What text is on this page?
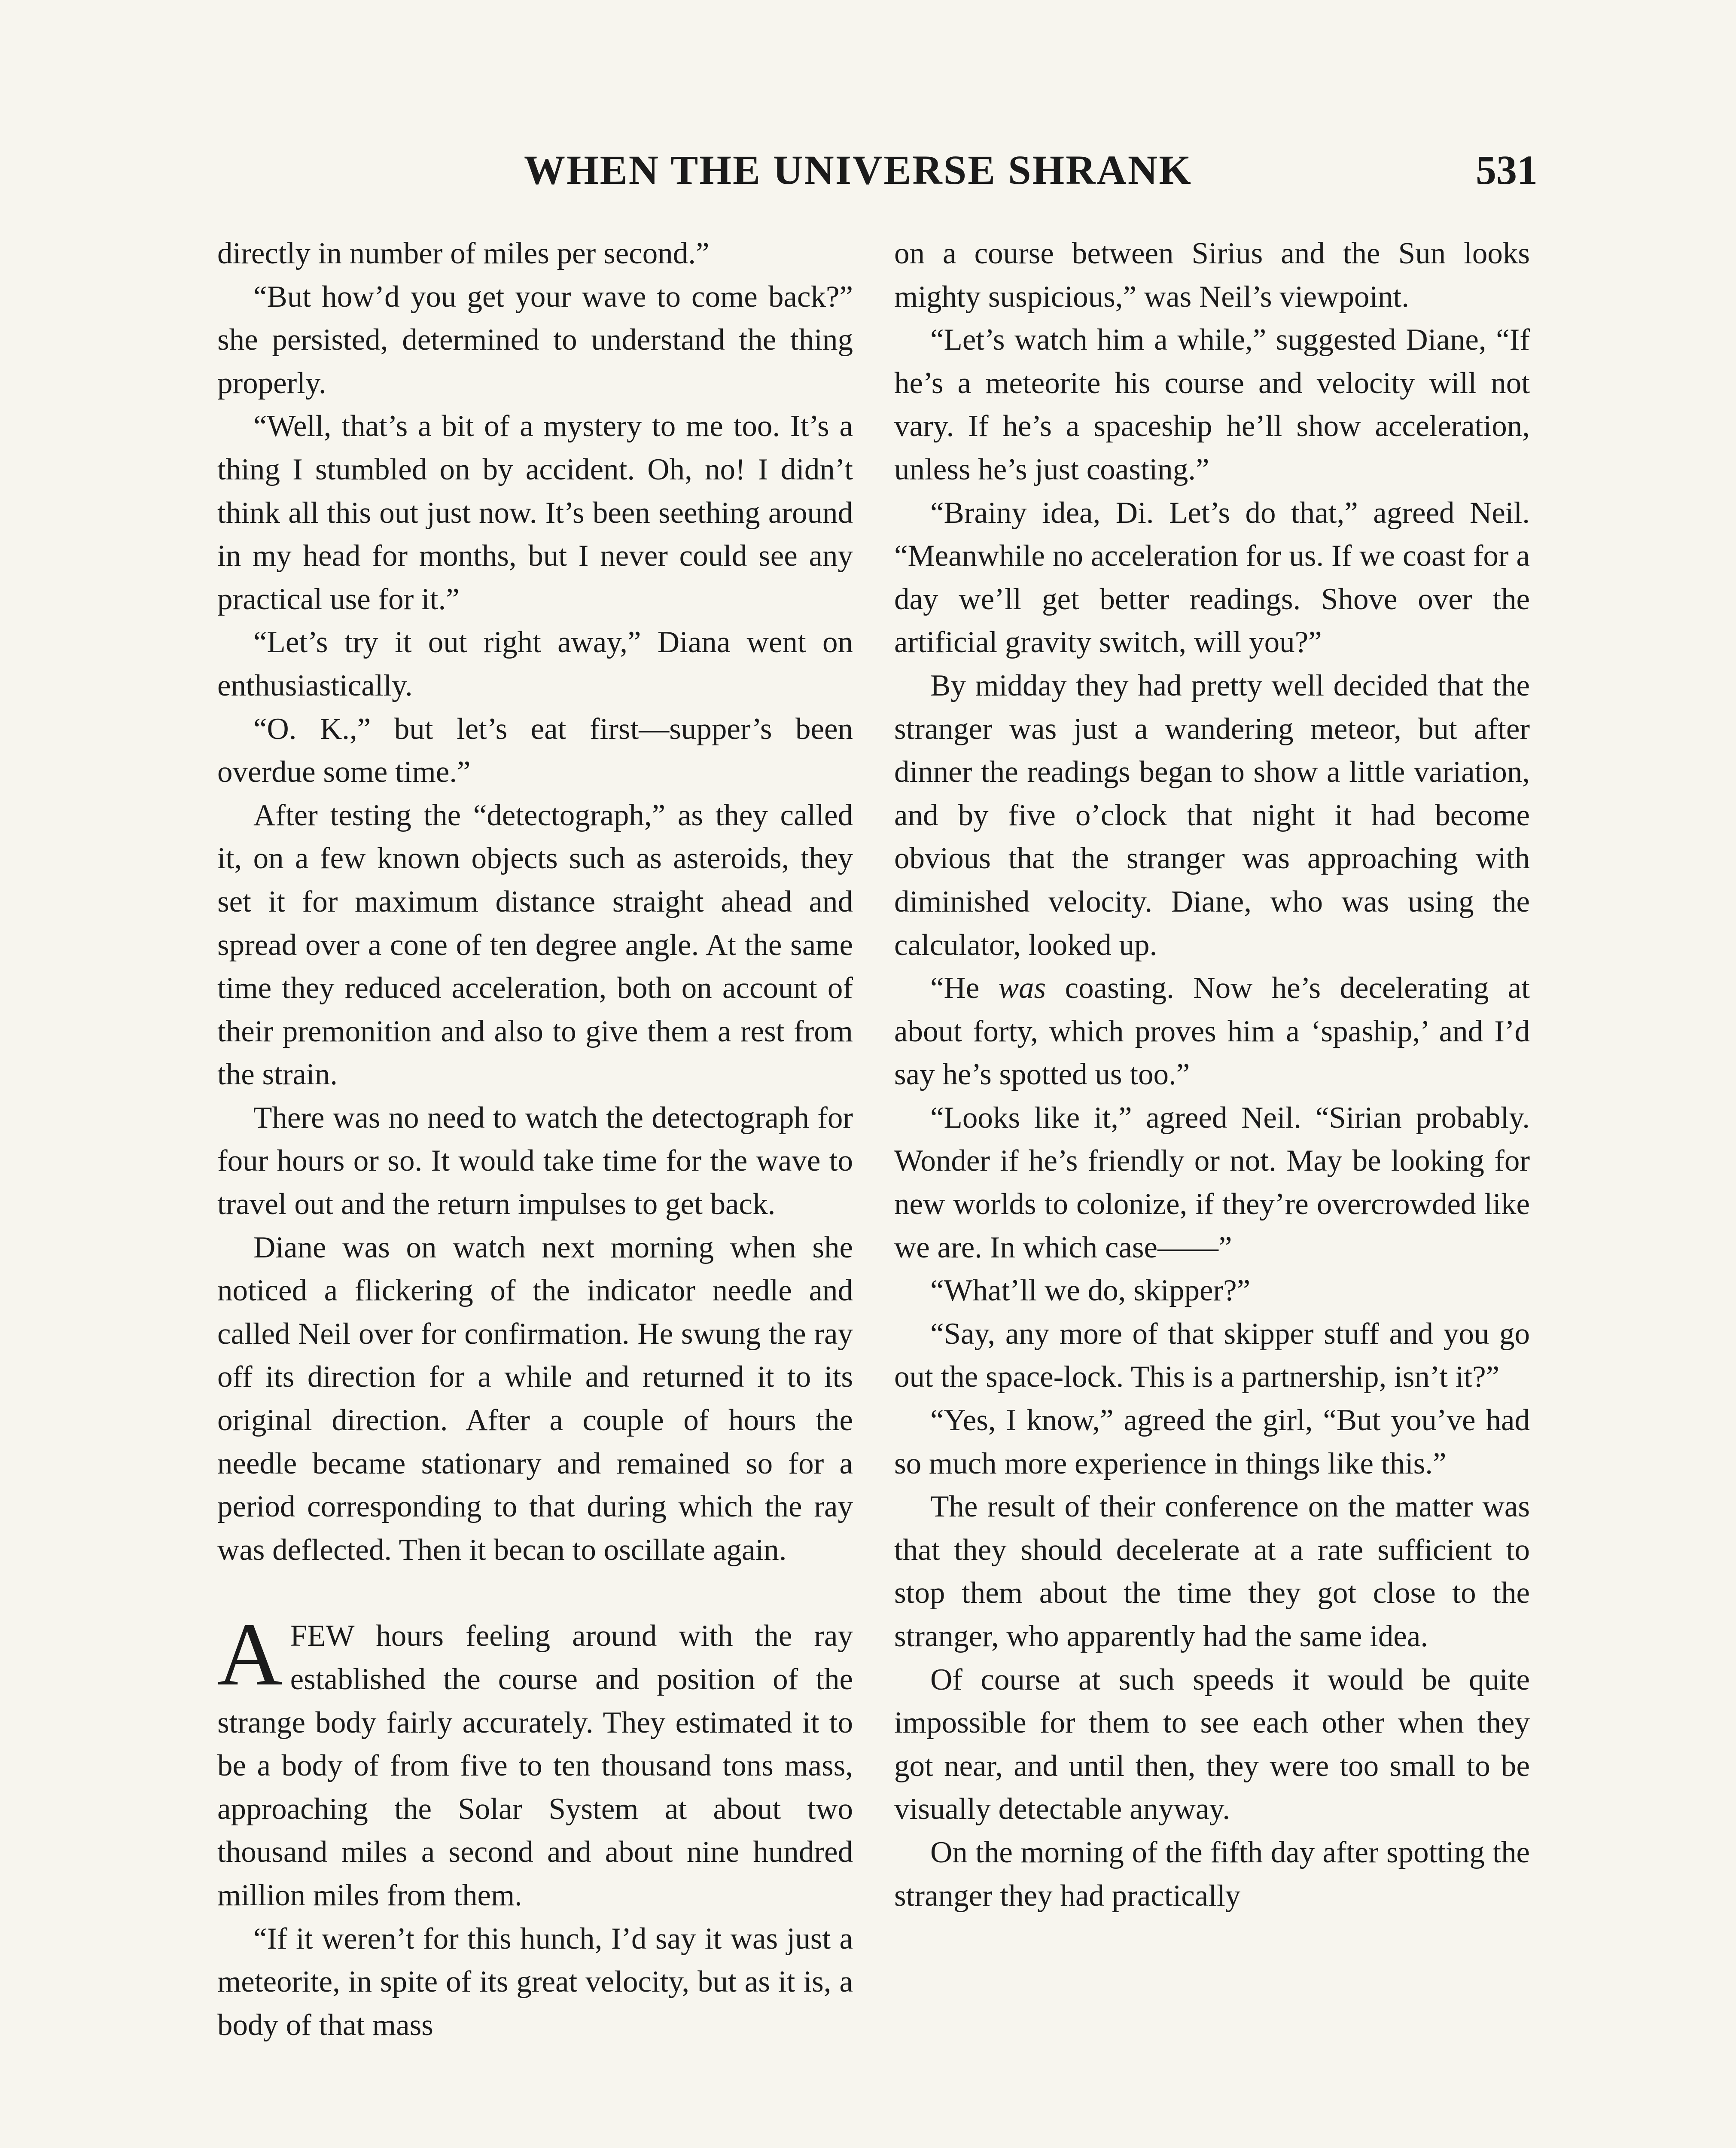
WHEN THE UNIVERSE SHRANK	531

directly in number of miles per second.”

“But how’d you get your wave to come back?” she persisted, determined to understand the thing properly.

“Well, that’s a bit of a mystery to me too. It’s a thing I stumbled on by accident. Oh, no! I didn’t think all this out just now. It’s been seething around in my head for months, but I never could see any practical use for it.”

“Let’s try it out right away,” Diana went on enthusiastically.

“O. K.,” but let’s eat first—supper’s been overdue some time.”

After testing the “detectograph,” as they called it, on a few known objects such as asteroids, they set it for maximum distance straight ahead and spread over a cone of ten degree angle. At the same time they reduced acceleration, both on account of their premonition and also to give them a rest from the strain.

There was no need to watch the detectograph for four hours or so. It would take time for the wave to travel out and the return impulses to get back.

Diane was on watch next morning when she noticed a flickering of the indicator needle and called Neil over for confirmation. He swung the ray off its direction for a while and returned it to its original direction. After a couple of hours the needle became stationary and remained so for a period corresponding to that during which the ray was deflected. Then it becan to oscillate again.

AFEW hours feeling around with the ray established the course and position of the strange body fairly accurately. They estimated it to be a body of from five to ten thousand tons mass, approaching the Solar System at about two thousand miles a second and about nine hundred million miles from them.

“If it weren’t for this hunch, I’d say it was just a meteorite, in spite of its great velocity, but as it is, a body of that mass

on a course between Sirius and the Sun looks mighty suspicious,” was Neil’s viewpoint.

“Let’s watch him a while,” suggested Diane, “If he’s a meteorite his course and velocity will not vary. If he’s a spaceship he’ll show acceleration, unless he’s just coasting.”

“Brainy idea, Di. Let’s do that,” agreed Neil. “Meanwhile no acceleration for us. If we coast for a day we’ll get better readings. Shove over the artificial gravity switch, will you?”

By midday they had pretty well decided that the stranger was just a wandering meteor, but after dinner the readings began to show a little variation, and by five o’clock that night it had become obvious that the stranger was approaching with diminished velocity. Diane, who was using the calculator, looked up.

“He was coasting. Now he’s decelerating at about forty, which proves him a ‘spaship,’ and I’d say he’s spotted us too.”

“Looks like it,” agreed Neil. “Sirian probably. Wonder if he’s friendly or not. May be looking for new worlds to colonize, if they’re overcrowded like we are. In which case——”

“What’ll we do, skipper?”

“Say, any more of that skipper stuff and you go out the space-lock. This is a partnership, isn’t it?”

“Yes, I know,” agreed the girl, “But you’ve had so much more experience in things like this.”

The result of their conference on the matter was that they should decelerate at a rate sufficient to stop them about the time they got close to the stranger, who apparently had the same idea.

Of course at such speeds it would be quite impossible for them to see each other when they got near, and until then, they were too small to be visually detectable anyway.

On the morning of the fifth day after spotting the stranger they had practically
